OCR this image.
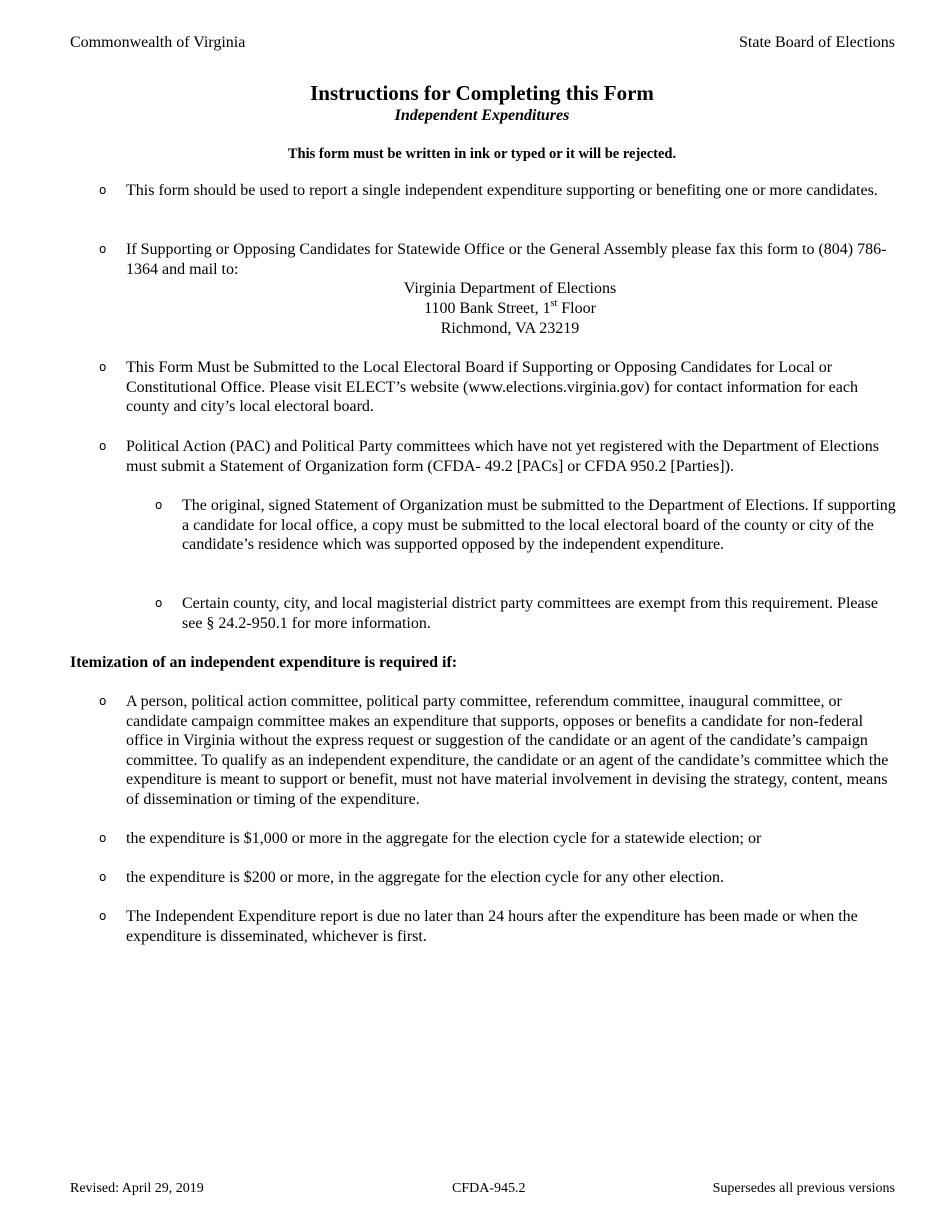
Commonwealth of Virginia	State Board of Elections
Instructions for Completing this Form
Independent Expenditures
This form must be written in ink or typed or it will be rejected.
o This form should be used to report a single independent expenditure supporting or benefiting one or more candidates.
o If Supporting or Opposing Candidates for Statewide Office or the General Assembly please fax this form to (804) 786-1364 and mail to:
Virginia Department of Elections
1100 Bank Street, 1st Floor
Richmond, VA 23219
o This Form Must be Submitted to the Local Electoral Board if Supporting or Opposing Candidates for Local or Constitutional Office. Please visit ELECT’s website (www.elections.virginia.gov) for contact information for each county and city’s local electoral board.
o Political Action (PAC) and Political Party committees which have not yet registered with the Department of Elections must submit a Statement of Organization form (CFDA- 49.2 [PACs] or CFDA 950.2 [Parties]).
o The original, signed Statement of Organization must be submitted to the Department of Elections. If supporting a candidate for local office, a copy must be submitted to the local electoral board of the county or city of the candidate’s residence which was supported opposed by the independent expenditure.
o Certain county, city, and local magisterial district party committees are exempt from this requirement. Please see § 24.2-950.1 for more information.
Itemization of an independent expenditure is required if:
o A person, political action committee, political party committee, referendum committee, inaugural committee, or candidate campaign committee makes an expenditure that supports, opposes or benefits a candidate for non-federal office in Virginia without the express request or suggestion of the candidate or an agent of the candidate’s campaign committee. To qualify as an independent expenditure, the candidate or an agent of the candidate’s committee which the expenditure is meant to support or benefit, must not have material involvement in devising the strategy, content, means of dissemination or timing of the expenditure.
o the expenditure is $1,000 or more in the aggregate for the election cycle for a statewide election; or
o the expenditure is $200 or more, in the aggregate for the election cycle for any other election.
o The Independent Expenditure report is due no later than 24 hours after the expenditure has been made or when the expenditure is disseminated, whichever is first.
Revised: April 29, 2019	CFDA-945.2	Supersedes all previous versions
